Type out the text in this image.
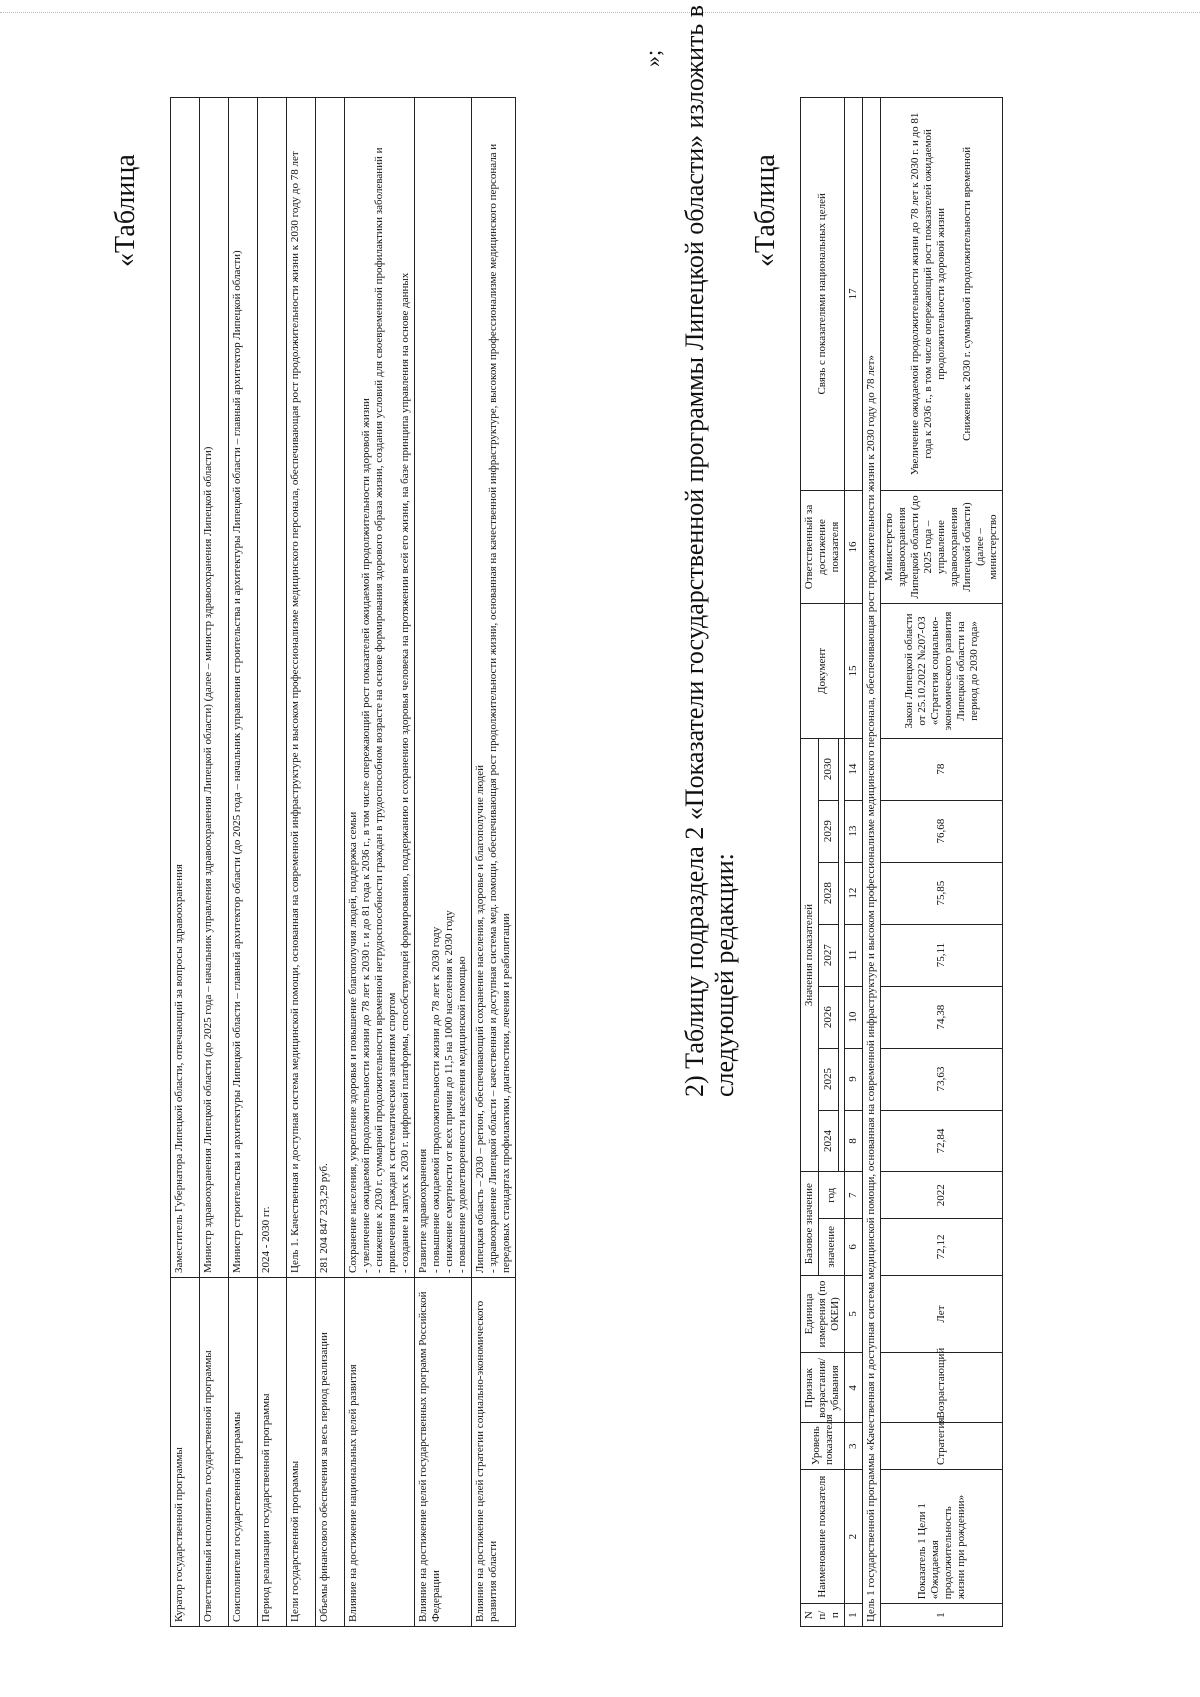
«Таблица
Куратор государственной программы	Заместитель Губернатора Липецкой области, отвечающий за вопросы здравоохранения
Ответственный исполнитель государственной программы	Министр здравоохранения Липецкой области (до 2025 года – начальник управления здравоохранения Липецкой области) (далее – министр здравоохранения Липецкой области)
Соисполнители государственной программы	Министр строительства и архитектуры Липецкой области – главный архитектор области (до 2025 года – начальник управления строительства и архитектуры Липецкой области – главный архитектор Липецкой области)
Период реализации государственной программы	2024 - 2030 гг.
Цели государственной программы	Цель 1. Качественная и доступная система медицинской помощи, основанная на современной инфраструктуре и высоком профессионализме медицинского персонала, обеспечивающая рост продолжительности жизни к 2030 году до 78 лет
Объемы финансового обеспечения за весь период реализации	281 204 847 233,29 руб.
Влияние на достижение национальных целей развития	Сохранение населения, укрепление здоровья и повышение благополучия людей, поддержка семьи
- увеличение ожидаемой продолжительности жизни до 78 лет к 2030 г. и до 81 года к 2036 г., в том числе опережающий рост показателей ожидаемой продолжительности здоровой жизни
- снижение к 2030 г. суммарной продолжительности временной нетрудоспособности граждан в трудоспособном возрасте на основе формирования здорового образа жизни, создания условий для своевременной профилактики заболеваний и привлечения граждан к систематическим занятиям спортом
- создание и запуск к 2030 г. цифровой платформы, способствующей формированию, поддержанию и сохранению здоровья человека на протяжении всей его жизни, на базе принципа управления на основе данных
Влияние на достижение целей государственных программ Российской Федерации	Развитие здравоохранения
- повышение ожидаемой продолжительности жизни до 78 лет к 2030 году
- снижение смертности от всех причин до 11,5 на 1000 населения к 2030 году
- повышение удовлетворенности населения медицинской помощью
Влияние на достижение целей стратегии социально-экономического развития области	Липецкая область – 2030 – регион, обеспечивающий сохранение населения, здоровье и благополучие людей
- здравоохранение Липецкой области – качественная и доступная система мед. помощи, обеспечивающая рост продолжительности жизни, основанная на качественной инфраструктуре, высоком профессионализме медицинского персонала и передовых стандартах профилактики, диагностики, лечения и реабилитации
»; 2) Таблицу подраздела 2 «Показатели государственной программы Липецкой области» изложить в следующей редакции:
«Таблица
N п/п	Наименование показателя	Уровень показателя	Признак возрастания/ убывания	Единица измерения (по ОКЕИ)	Базовое значение		Значения показателей							Документ	Ответственный за достижение показателя	Связь с показателями национальных целей
					значение	год	2024	2025	2026	2027	2028	2029	2030			

1	2	3	4	5	6	7	8	9	10	11	12	13	14	15	16	17
Цель 1 государственной программы «Качественная и доступная система медицинской помощи, основанная на современной инфраструктуре и высоком профессионализме медицинского персонала, обеспечивающая рост продолжительности жизни к 2030 году до 78 лет»																
1	Показатель 1 Цели 1 «Ожидаемая продолжительность жизни при рождении»	Стратегия	Возрастающий	Лет	72,12	2022	72,84	73,63	74,38	75,11	75,85	76,68	78	Закон Липецкой области от 25.10.2022 №207-ОЗ «Стратегия социально-экономического развития Липецкой области на период до 2030 года»	Министерство здравоохранения Липецкой области (до 2025 года – управление здравоохранения Липецкой области) (далее – министерство	Увеличение ожидаемой продолжительности жизни до 78 лет к 2030 г. и до 81 года к 2036 г., в том числе опережающий рост показателей ожидаемой продолжительности здоровой жизни

Снижение к 2030 г. суммарной продолжительности временной
